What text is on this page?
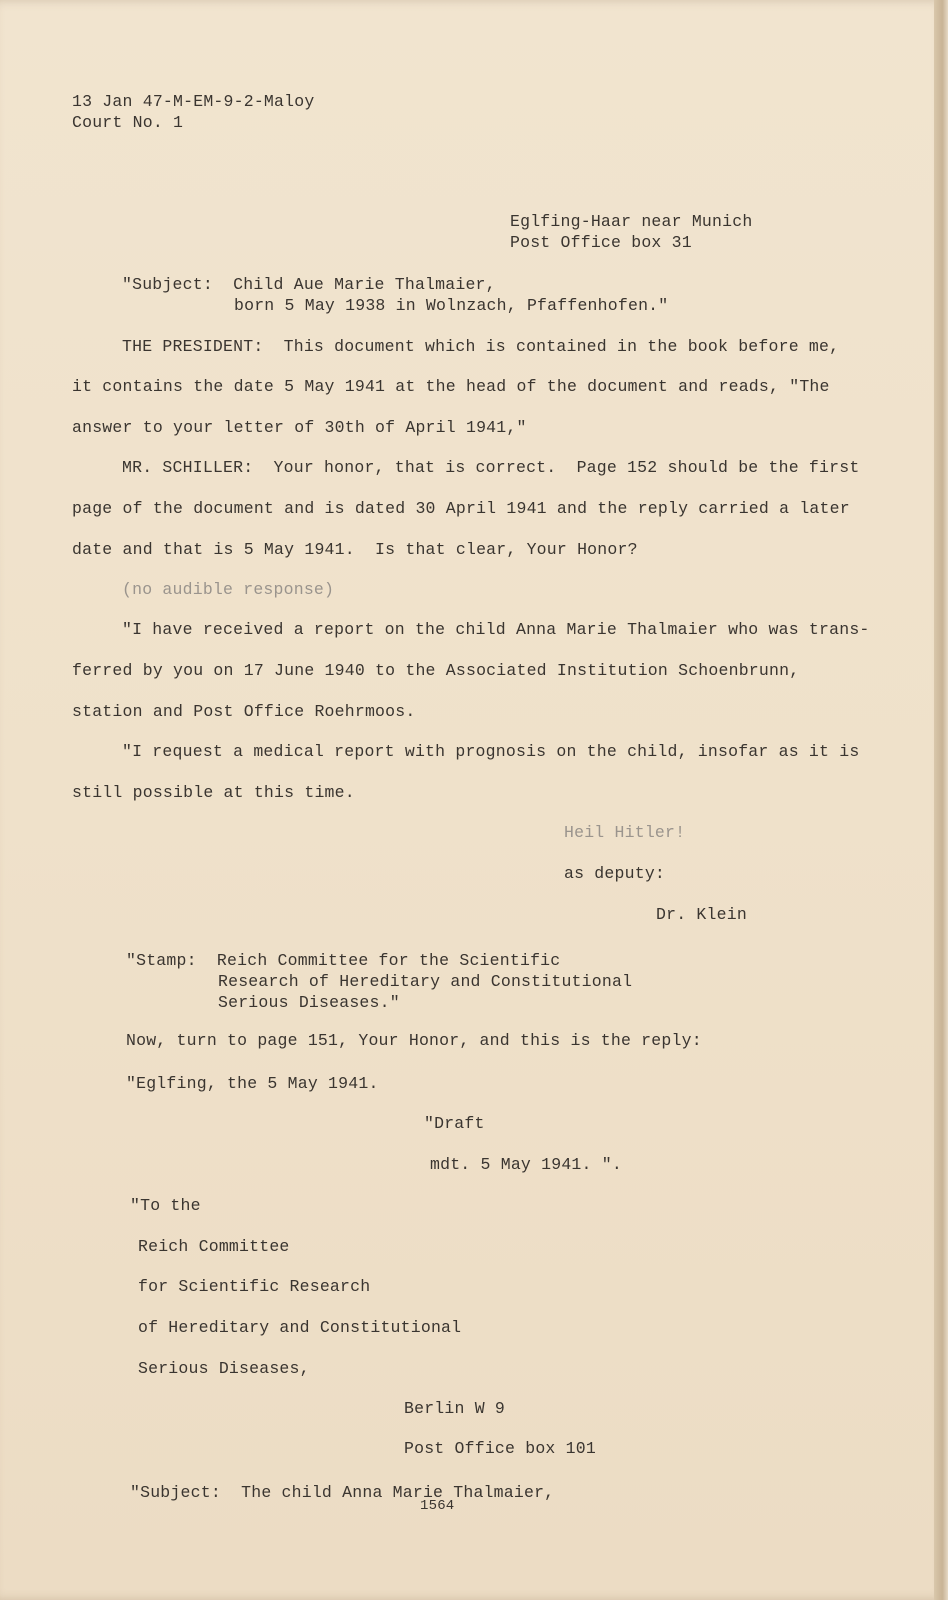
13 Jan 47-M-EM-9-2-Maloy
Court No. 1
Eglfing-Haar near Munich
Post Office box 31
"Subject:  Child Aue Marie Thalmaier,
born 5 May 1938 in Wolnzach, Pfaffenhofen."
THE PRESIDENT:  This document which is contained in the book before me,
it contains the date 5 May 1941 at the head of the document and reads, "The
answer to your letter of 30th of April 1941,"
MR. SCHILLER:  Your honor, that is correct.  Page 152 should be the first
page of the document and is dated 30 April 1941 and the reply carried a later
date and that is 5 May 1941.  Is that clear, Your Honor?
(no audible response)
"I have received a report on the child Anna Marie Thalmaier who was trans-
ferred by you on 17 June 1940 to the Associated Institution Schoenbrunn,
station and Post Office Roehrmoos.
"I request a medical report with prognosis on the child, insofar as it is
still possible at this time.
Heil Hitler!
as deputy:
Dr. Klein
"Stamp:  Reich Committee for the Scientific
Research of Hereditary and Constitutional
Serious Diseases."
Now, turn to page 151, Your Honor, and this is the reply:
"Eglfing, the 5 May 1941.
"Draft
mdt. 5 May 1941. ".
"To the
Reich Committee
for Scientific Research
of Hereditary and Constitutional
Serious Diseases,
Berlin W 9
Post Office box 101
"Subject:  The child Anna Marie Thalmaier,
1564
